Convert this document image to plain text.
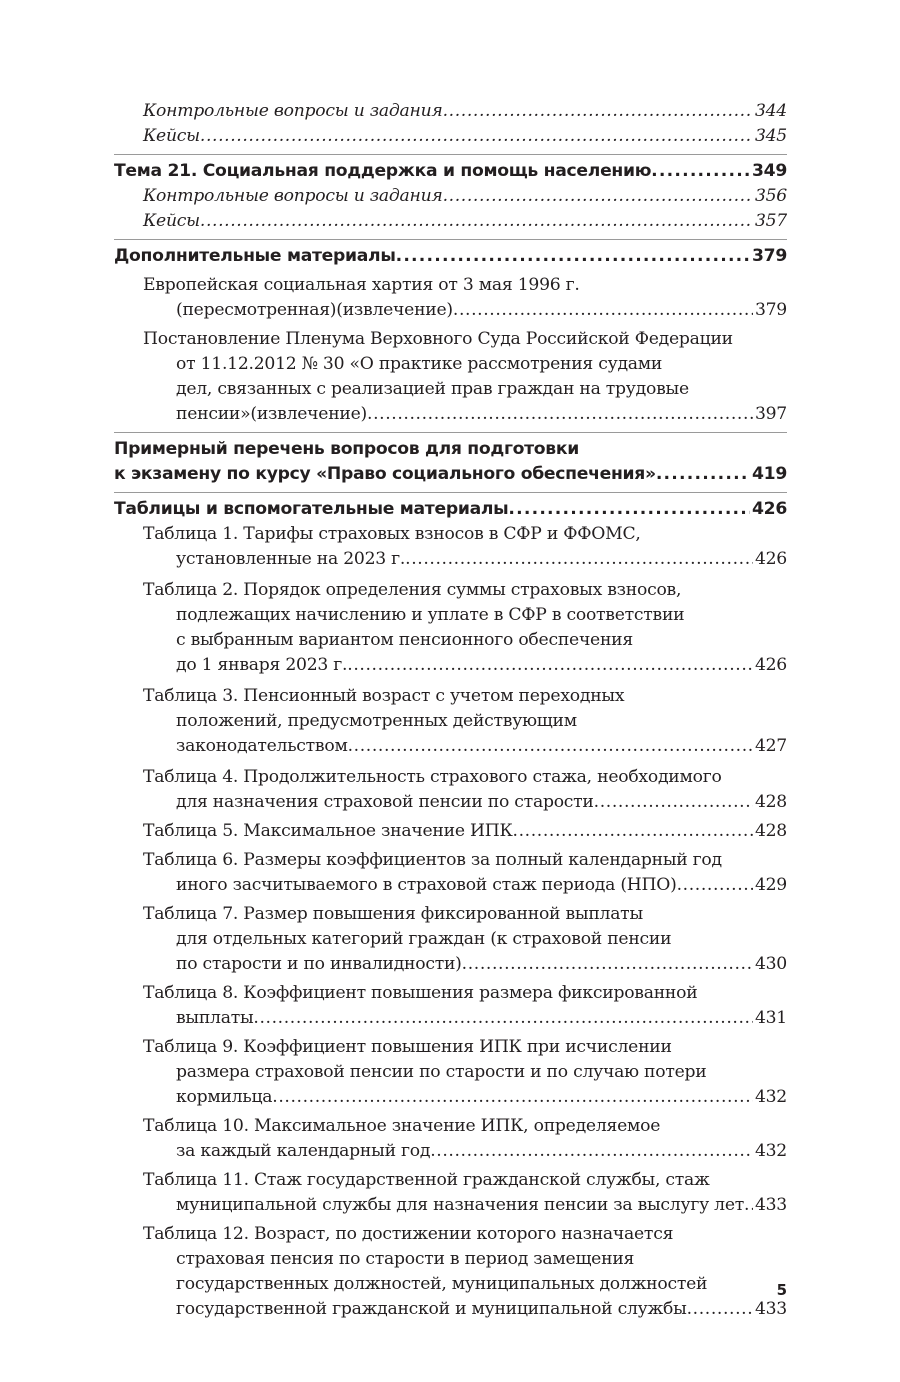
Контрольные вопросы и задания .....	344
Кейсы .....	345
Тема 21. Социальная поддержка и помощь населению .....	349
Контрольные вопросы и задания .....	356
Кейсы .....	357
Дополнительные материалы .....	379
Европейская социальная хартия от 3 мая 1996 г.
(пересмотренная)(извлечение) .....	379
Постановление Пленума Верховного Суда Российской Федерации
от 11.12.2012 № 30 «О практике рассмотрения судами
дел, связанных с реализацией прав граждан на трудовые
пенсии»(извлечение) .....	397
Примерный перечень вопросов для подготовки
к экзамену по курсу «Право социального обеспечения» .....	419
Таблицы и вспомогательные материалы .....	426
Таблица 1. Тарифы страховых взносов в СФР и ФФОМС,
установленные на 2023 г. .....	426
Таблица 2. Порядок определения суммы страховых взносов,
подлежащих начислению и уплате в СФР в соответствии
с выбранным вариантом пенсионного обеспечения
до 1 января 2023 г. .....	426
Таблица 3. Пенсионный возраст с учетом переходных
положений, предусмотренных действующим
законодательством .....	427
Таблица 4. Продолжительность страхового стажа, необходимого
для назначения страховой пенсии по старости .....	428
Таблица 5. Максимальное значение ИПК .....	428
Таблица 6. Размеры коэффициентов за полный календарный год
иного засчитываемого в страховой стаж периода (НПО) .....	429
Таблица 7. Размер повышения фиксированной выплаты
для отдельных категорий граждан (к страховой пенсии
по старости и по инвалидности) .....	430
Таблица 8. Коэффициент повышения размера фиксированной
выплаты .....	431
Таблица 9. Коэффициент повышения ИПК при исчислении
размера страховой пенсии по старости и по случаю потери
кормильца .....	432
Таблица 10. Максимальное значение ИПК, определяемое
за каждый календарный год .....	432
Таблица 11. Стаж государственной гражданской службы, стаж
муниципальной службы для назначения пенсии за выслугу лет ..... 433
Таблица 12. Возраст, по достижении которого назначается
страховая пенсия по старости в период замещения
государственных должностей, муниципальных должностей
государственной гражданской и муниципальной службы .....	433
5
